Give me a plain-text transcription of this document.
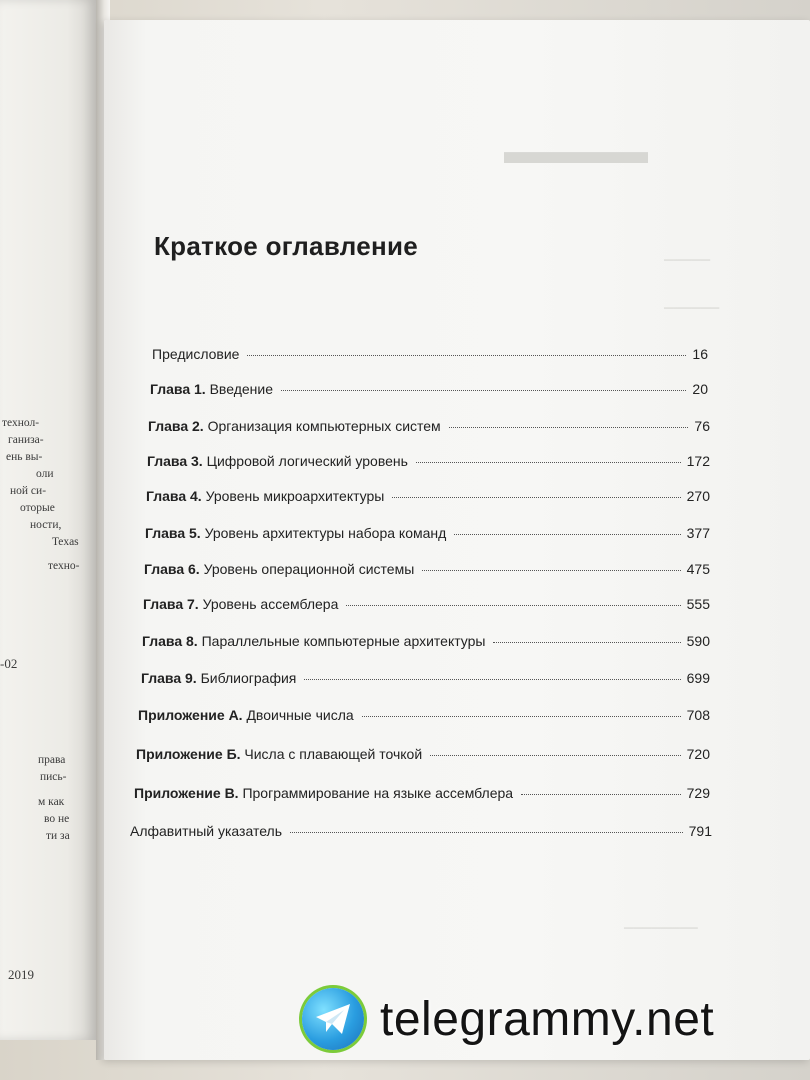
технол-
ганиза-
ень вы-
оли
ной си-
оторые
ности,
Texas
техно-
-02
права
пись-
м как
во не
ти за
2019
▬▬▬▬
─────
──────
────────
Краткое оглавление
Предисловие	16
Глава 1. Введение	20
Глава 2. Организация компьютерных систем	76
Глава 3. Цифровой логический уровень	172
Глава 4. Уровень микроархитектуры	270
Глава 5. Уровень архитектуры набора команд	377
Глава 6. Уровень операционной системы	475
Глава 7. Уровень ассемблера	555
Глава 8. Параллельные компьютерные архитектуры	590
Глава 9. Библиография	699
Приложение А. Двоичные числа	708
Приложение Б. Числа с плавающей точкой	720
Приложение В. Программирование на языке ассемблера	729
Алфавитный указатель	791
telegrammy.net
